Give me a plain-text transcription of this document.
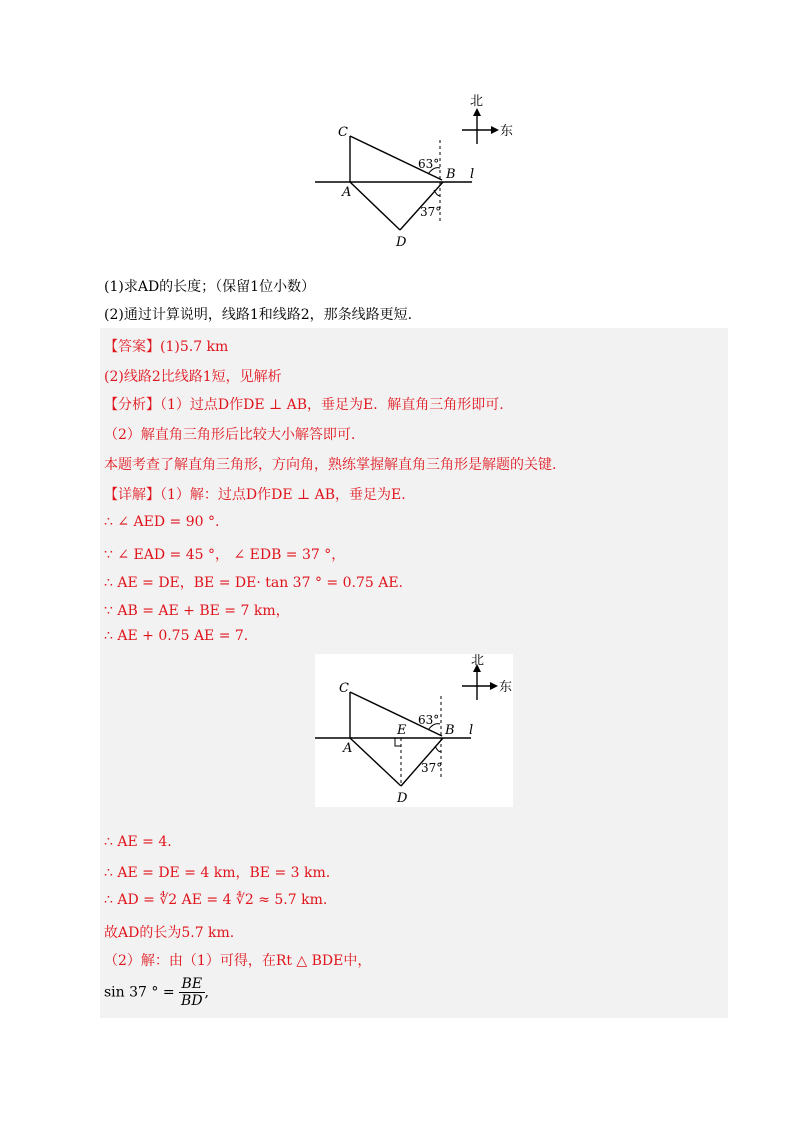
C
A
B
D
l
63°
37°
北
东
(1)求AD的长度；（保留1位小数）
(2)通过计算说明，线路1和线路2，那条线路更短.
【答案】(1)5.7 km
(2)线路2比线路1短，见解析
【分析】（1）过点D作DE ⊥ AB，垂足为E．解直角三角形即可.
（2）解直角三角形后比较大小解答即可.
本题考查了解直角三角形，方向角，熟练掌握解直角三角形是解题的关键.
【详解】（1）解：过点D作DE ⊥ AB，垂足为E.
∴ ∠ AED = 90 °.
∵ ∠ EAD = 45 °， ∠ EDB = 37 °，
∴ AE = DE，BE = DE· tan 37 ° = 0.75 AE.
∵ AB = AE + BE = 7 km，
∴ AE + 0.75 AE = 7.
C
A
E	B
D
l
63°
37°
北
东
∴ AE = 4.
∴ AE = DE = 4 km，BE = 3 km.
∴ AD = ∜2 AE = 4 ∜2 ≈ 5.7 km.
故AD的长为5.7 km.
（2）解：由（1）可得，在Rt △ BDE中，
sin 37 ° = $\frac{BE}{BD}$ ,
